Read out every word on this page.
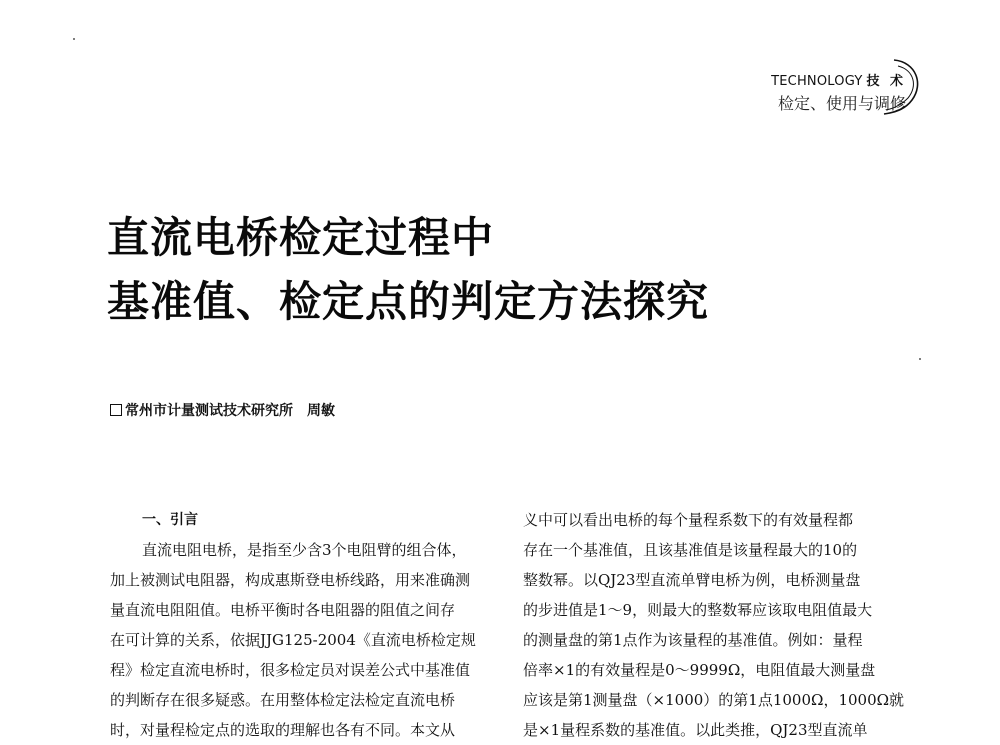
TECHNOLOGY 技 术
检定、使用与调修
直流电桥检定过程中
基准值、检定点的判定方法探究
常州市计量测试技术研究所 周敏
一、引言
直流电阻电桥，是指至少含3个电阻臂的组合体，
加上被测试电阻器，构成惠斯登电桥线路，用来准确测
量直流电阻阻值。电桥平衡时各电阻器的阻值之间存
在可计算的关系，依据JJG125-2004《直流电桥检定规
程》检定直流电桥时，很多检定员对误差公式中基准值
的判断存在很多疑惑。在用整体检定法检定直流电桥
时，对量程检定点的选取的理解也各有不同。本文从
义中可以看出电桥的每个量程系数下的有效量程都
存在一个基准值，且该基准值是该量程最大的10的
整数幂。以QJ23型直流单臂电桥为例，电桥测量盘
的步进值是1～9，则最大的整数幂应该取电阻值最大
的测量盘的第1点作为该量程的基准值。例如：量程
倍率×1的有效量程是0～9999Ω，电阻值最大测量盘
应该是第1测量盘（×1000）的第1点1000Ω，1000Ω就
是×1量程系数的基准值。以此类推，QJ23型直流单
